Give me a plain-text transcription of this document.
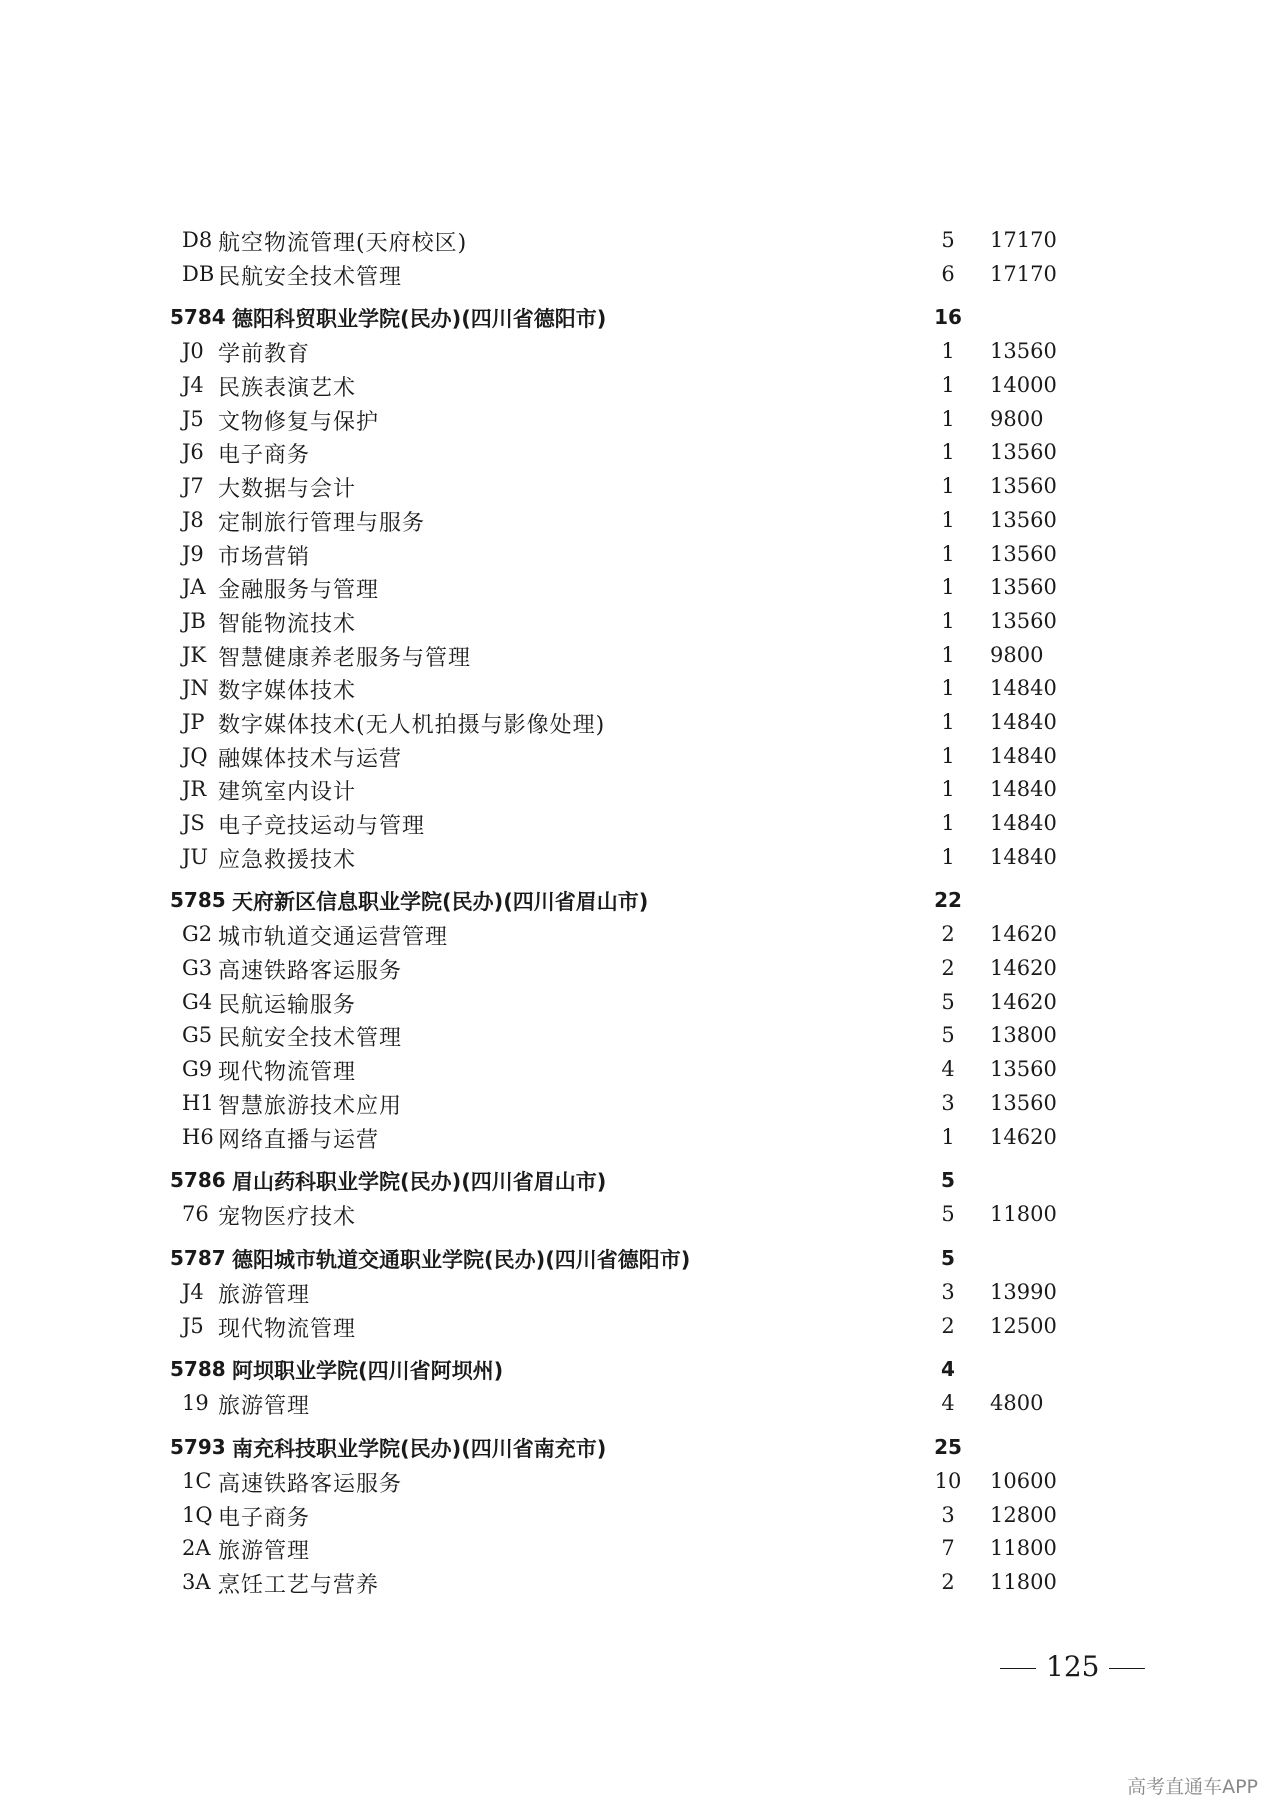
D8 航空物流管理(天府校区)	5	17170
DB 民航安全技术管理	6	17170
5784 德阳科贸职业学院(民办)(四川省德阳市)	16
J0 学前教育	1	13560
J4 民族表演艺术	1	14000
J5 文物修复与保护	1	9800
J6 电子商务	1	13560
J7 大数据与会计	1	13560
J8 定制旅行管理与服务	1	13560
J9 市场营销	1	13560
JA 金融服务与管理	1	13560
JB 智能物流技术	1	13560
JK 智慧健康养老服务与管理	1	9800
JN 数字媒体技术	1	14840
JP 数字媒体技术(无人机拍摄与影像处理)	1	14840
JQ 融媒体技术与运营	1	14840
JR 建筑室内设计	1	14840
JS 电子竞技运动与管理	1	14840
JU 应急救援技术	1	14840
5785 天府新区信息职业学院(民办)(四川省眉山市)	22
G2 城市轨道交通运营管理	2	14620
G3 高速铁路客运服务	2	14620
G4 民航运输服务	5	14620
G5 民航安全技术管理	5	13800
G9 现代物流管理	4	13560
H1 智慧旅游技术应用	3	13560
H6 网络直播与运营	1	14620
5786 眉山药科职业学院(民办)(四川省眉山市)	5
76 宠物医疗技术	5	11800
5787 德阳城市轨道交通职业学院(民办)(四川省德阳市)	5
J4 旅游管理	3	13990
J5 现代物流管理	2	12500
5788 阿坝职业学院(四川省阿坝州)	4
19 旅游管理	4	4800
5793 南充科技职业学院(民办)(四川省南充市)	25
1C 高速铁路客运服务	10	10600
1Q 电子商务	3	12800
2A 旅游管理	7	11800
3A 烹饪工艺与营养	2	11800
125
高考直通车APP
